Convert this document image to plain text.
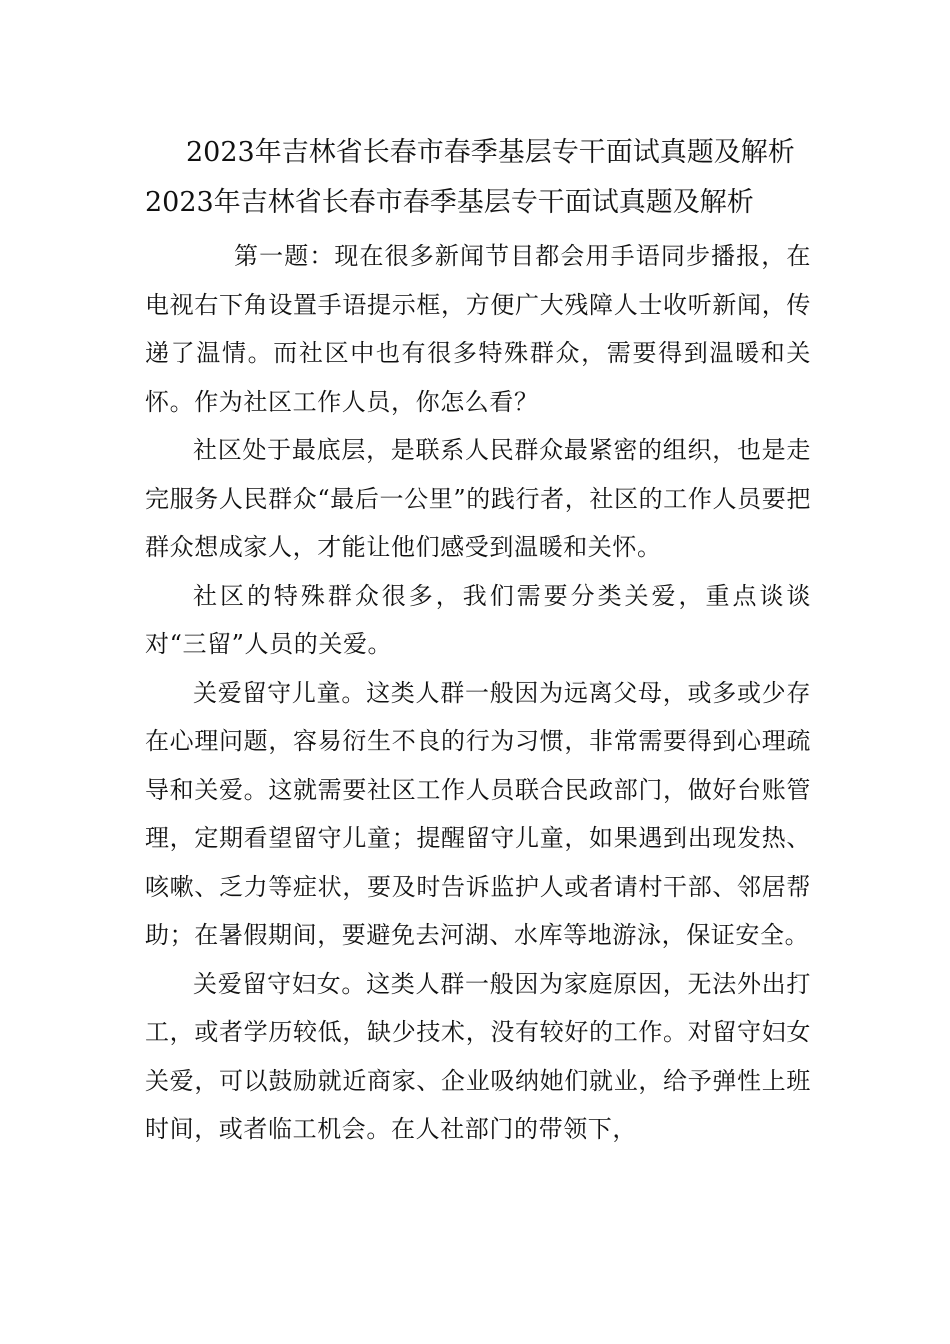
2023年吉林省长春市春季基层专干面试真题及解析

2023年吉林省长春市春季基层专干面试真题及解析

第一题：现在很多新闻节目都会用手语同步播报，在电视右下角设置手语提示框，方便广大残障人士收听新闻，传递了温情。而社区中也有很多特殊群众，需要得到温暖和关怀。作为社区工作人员，你怎么看？

社区处于最底层，是联系人民群众最紧密的组织，也是走完服务人民群众“最后一公里”的践行者，社区的工作人员要把群众想成家人，才能让他们感受到温暖和关怀。

社区的特殊群众很多，我们需要分类关爱，重点谈谈对“三留”人员的关爱。

关爱留守儿童。这类人群一般因为远离父母，或多或少存在心理问题，容易衍生不良的行为习惯，非常需要得到心理疏导和关爱。这就需要社区工作人员联合民政部门，做好台账管理，定期看望留守儿童；提醒留守儿童，如果遇到出现发热、咳嗽、乏力等症状，要及时告诉监护人或者请村干部、邻居帮助；在暑假期间，要避免去河湖、水库等地游泳，保证安全。

关爱留守妇女。这类人群一般因为家庭原因，无法外出打工，或者学历较低，缺少技术，没有较好的工作。对留守妇女关爱，可以鼓励就近商家、企业吸纳她们就业，给予弹性上班时间，或者临工机会。在人社部门的带领下，
